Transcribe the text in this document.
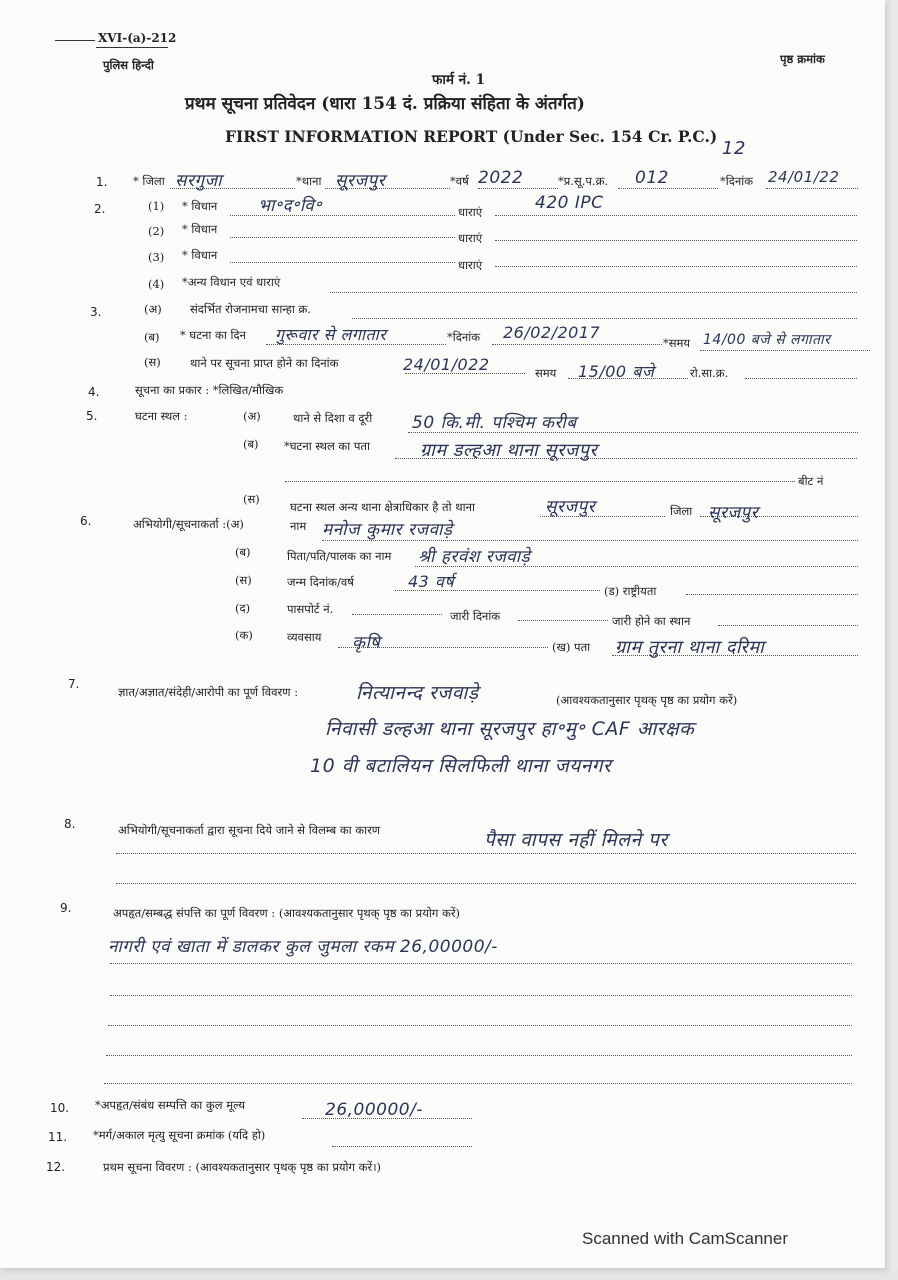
XVI-(a)-212
पुलिस हिन्दी	पृष्ठ क्रमांक
फार्म नं. 1
प्रथम सूचना प्रतिवेदन (धारा 154 दं. प्रक्रिया संहिता के अंतर्गत)
FIRST INFORMATION REPORT (Under Sec. 154 Cr. P.C.)
12
1.
2.
3.
4.
5.
6.
7.
8.
9.
10.
11.
12.
* जिला सरगुजा	*थाना सूरजपुर	*वर्ष 2022	*प्र.सू.प.क्र. 012	*दिनांक 24/01/22
(1) * विधान भा॰द॰वि॰	धाराएं	420 IPC
(2) * विधान
धाराएं
(3) * विधान
धाराएं
(4) *अन्य विधान एवं धाराएं
(अ) संदर्भित रोजनामचा सान्हा क्र.
(ब) * घटना का दिन गुरूवार से लगातार	*दिनांक 26/02/2017
*समय 14/00 बजे से लगातार
(स)	थाने पर सूचना प्राप्त होने का दिनांक	24/01/022	समय 15/00 बजे	रो.सा.क्र.
सूचना का प्रकार : *लिखित/मौखिक
घटना स्थल :	(अ)	थाने से दिशा व दूरी 50 कि.मी. पश्चिम करीब
(ब) *घटना स्थल का पता	ग्राम डल्हआ थाना सूरजपुर
बीट नं
(स)
घटना स्थल अन्य थाना क्षेत्राधिकार है तो थाना	सूरजपुर	जिला सूरजपुर
अभियोगी/सूचनाकर्ता :(अ)	नाम मनोज कुमार रजवाड़े
(ब)	पिता/पति/पालक का नाम श्री हरवंश रजवाड़े
(स)	जन्म दिनांक/वर्ष	43 वर्ष	(ड) राष्ट्रीयता
(द)	पासपोर्ट नं.	जारी दिनांक	जारी होने का स्थान
(क)	व्यवसाय कृषि	(ख) पता ग्राम तुरना थाना दरिमा
ज्ञात/अज्ञात/संदेही/आरोपी का पूर्ण विवरण :	नित्यानन्द रजवाड़े	(आवश्यकतानुसार पृथक् पृष्ठ का प्रयोग करें)
निवासी डल्हआ थाना सूरजपुर हा॰मु॰ CAF आरक्षक
10 वी बटालियन सिलफिली थाना जयनगर
अभियोगी/सूचनाकर्ता द्वारा सूचना दिये जाने से विलम्ब का कारण	पैसा वापस नहीं मिलने पर
अपहृत/सम्बद्ध संपत्ति का पूर्ण विवरण : (आवश्यकतानुसार पृथक् पृष्ठ का प्रयोग करें)
नागरी एवं खाता में डालकर कुल जुमला रकम 26,00000/-
*अपहृत/संबंध सम्पत्ति का कुल मूल्य	26,00000/-
*मर्ग/अकाल मृत्यु सूचना क्रमांक (यदि हो)
प्रथम सूचना विवरण : (आवश्यकतानुसार पृथक् पृष्ठ का प्रयोग करें।)
Scanned with CamScanner
